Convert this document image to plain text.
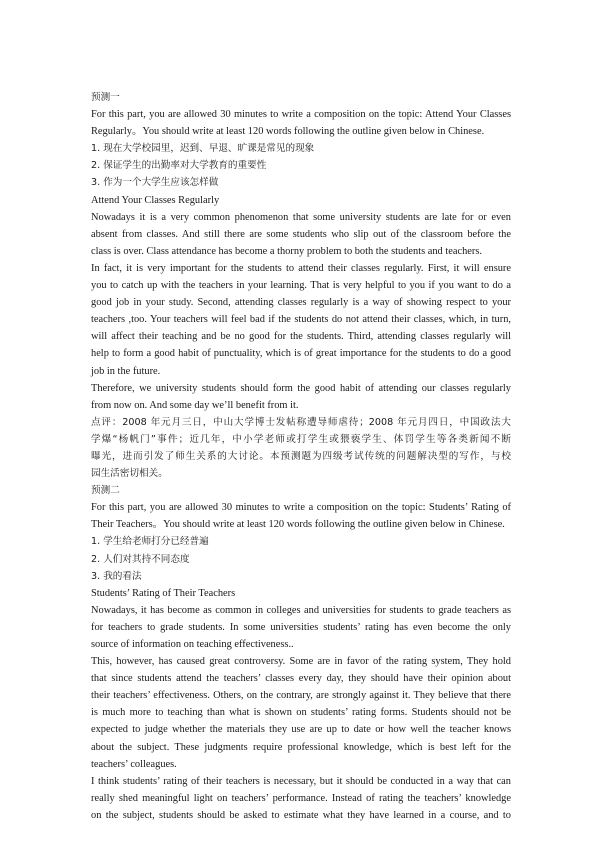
预测一

For this part, you are allowed 30 minutes to write a composition on the topic: Attend Your Classes

Regularly。You should write at least 120 words following the outline given below in Chinese.

1. 现在大学校园里，迟到、早退、旷课是常见的现象

2. 保证学生的出勤率对大学教育的重要性

3. 作为一个大学生应该怎样做

Attend Your Classes Regularly

Nowadays it is a very common phenomenon that some university students are late for or even

absent from classes. And still there are some students who slip out of the classroom before the

class is over. Class attendance has become a thorny problem to both the students and teachers.

In fact, it is very important for the students to attend their classes regularly. First, it will ensure

you to catch up with the teachers in your learning. That is very helpful to you if you want to do a

good job in your study. Second, attending classes regularly is a way of showing respect to your

teachers ,too. Your teachers will feel bad if the students do not attend their classes, which, in turn,

will affect their teaching and be no good for the students. Third, attending classes regularly will

help to form a good habit of punctuality, which is of great importance for the students to do a good

job in the future.

Therefore, we university students should form the good habit of attending our classes regularly

from now on. And some day we’ll benefit from it.

点评：2008 年元月三日，中山大学博士发帖称遭导师虐待；2008 年元月四日，中国政法大

学爆“杨帆门”事件；近几年，中小学老师或打学生或猥亵学生、体罚学生等各类新闻不断

曝光，进而引发了师生关系的大讨论。本预测题为四级考试传统的问题解决型的写作，与校

园生活密切相关。

预测二

For this part, you are allowed 30 minutes to write a composition on the topic: Students’ Rating of

Their Teachers。You should write at least 120 words following the outline given below in Chinese.

1. 学生给老师打分已经普遍

2. 人们对其持不同态度

3. 我的看法

Students’ Rating of Their Teachers

Nowadays, it has become as common in colleges and universities for students to grade teachers as

for teachers to grade students. In some universities students’ rating has even become the only

source of information on teaching effectiveness..

This, however, has caused great controversy. Some are in favor of the rating system, They hold

that since students attend the teachers’ classes every day, they should have their opinion about

their teachers’ effectiveness. Others, on the contrary, are strongly against it. They believe that there

is much more to teaching than what is shown on students’ rating forms. Students should not be

expected to judge whether the materials they use are up to date or how well the teacher knows

about the subject. These judgments require professional knowledge, which is best left for the

teachers’ colleagues.

I think students’ rating of their teachers is necessary, but it should be conducted in a way that can

really shed meaningful light on teachers’ performance. Instead of rating the teachers’ knowledge

on the subject, students should be asked to estimate what they have learned in a course, and to
